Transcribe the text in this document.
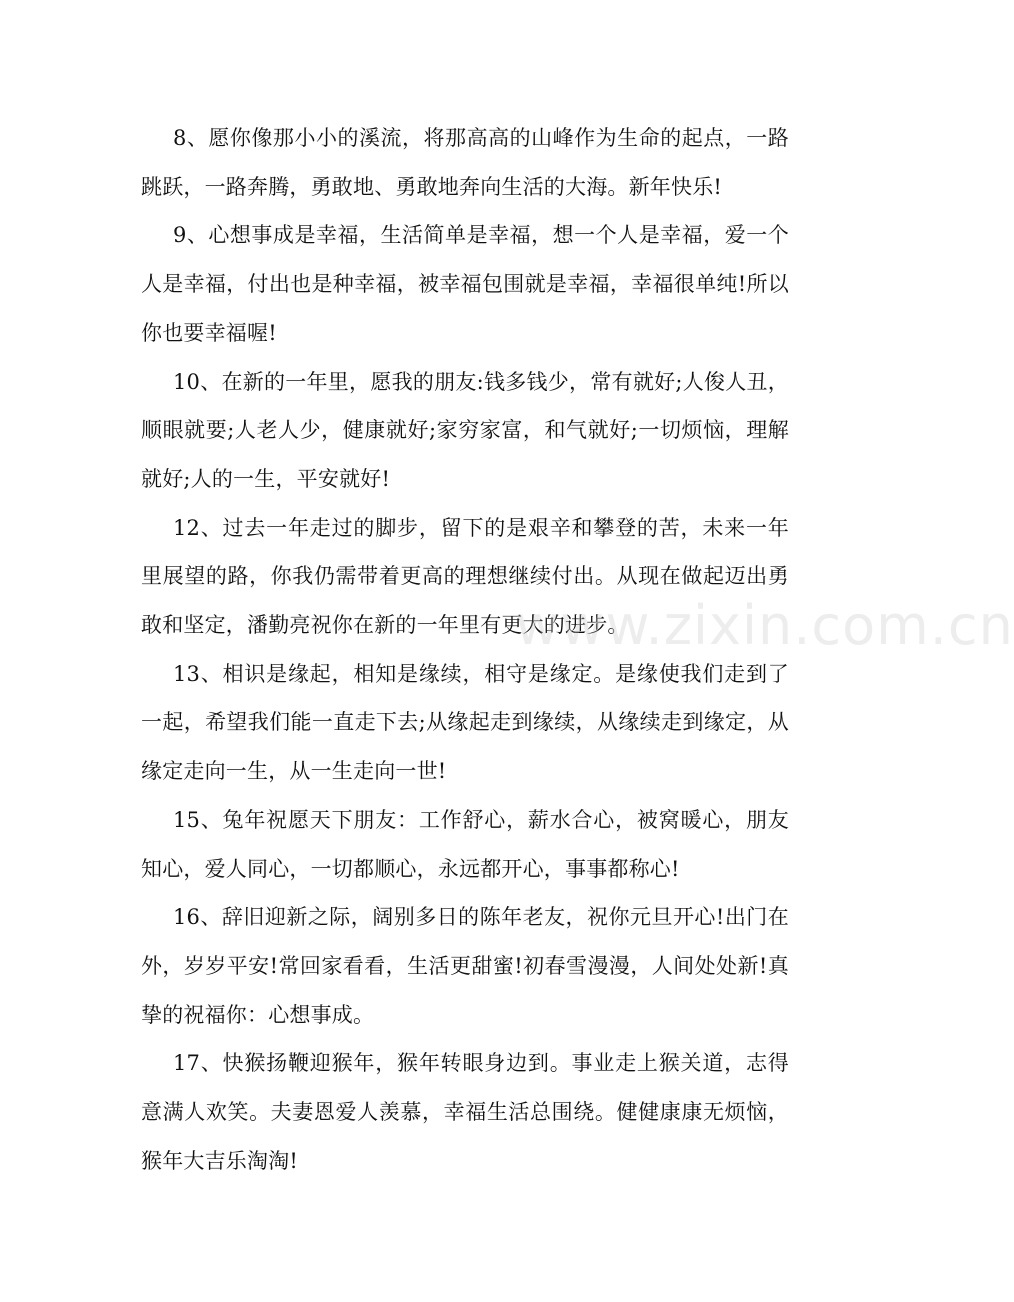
8、愿你像那小小的溪流，将那高高的山峰作为生命的起点，一路跳跃，一路奔腾，勇敢地、勇敢地奔向生活的大海。新年快乐!

9、心想事成是幸福，生活简单是幸福，想一个人是幸福，爱一个人是幸福，付出也是种幸福，被幸福包围就是幸福，幸福很单纯!所以你也要幸福喔!

10、在新的一年里，愿我的朋友:钱多钱少，常有就好;人俊人丑，顺眼就要;人老人少，健康就好;家穷家富，和气就好;一切烦恼，理解就好;人的一生，平安就好!

12、过去一年走过的脚步，留下的是艰辛和攀登的苦，未来一年里展望的路，你我仍需带着更高的理想继续付出。从现在做起迈出勇敢和坚定，潘勤亮祝你在新的一年里有更大的进步。

13、相识是缘起，相知是缘续，相守是缘定。是缘使我们走到了一起，希望我们能一直走下去;从缘起走到缘续，从缘续走到缘定，从缘定走向一生，从一生走向一世!

15、兔年祝愿天下朋友：工作舒心，薪水合心，被窝暖心，朋友知心，爱人同心，一切都顺心，永远都开心，事事都称心!

16、辞旧迎新之际，阔别多日的陈年老友，祝你元旦开心!出门在外，岁岁平安!常回家看看，生活更甜蜜!初春雪漫漫，人间处处新!真挚的祝福你：心想事成。

17、快猴扬鞭迎猴年，猴年转眼身边到。事业走上猴关道，志得意满人欢笑。夫妻恩爱人羡慕，幸福生活总围绕。健健康康无烦恼，猴年大吉乐淘淘!

www.zixin.com.cn
